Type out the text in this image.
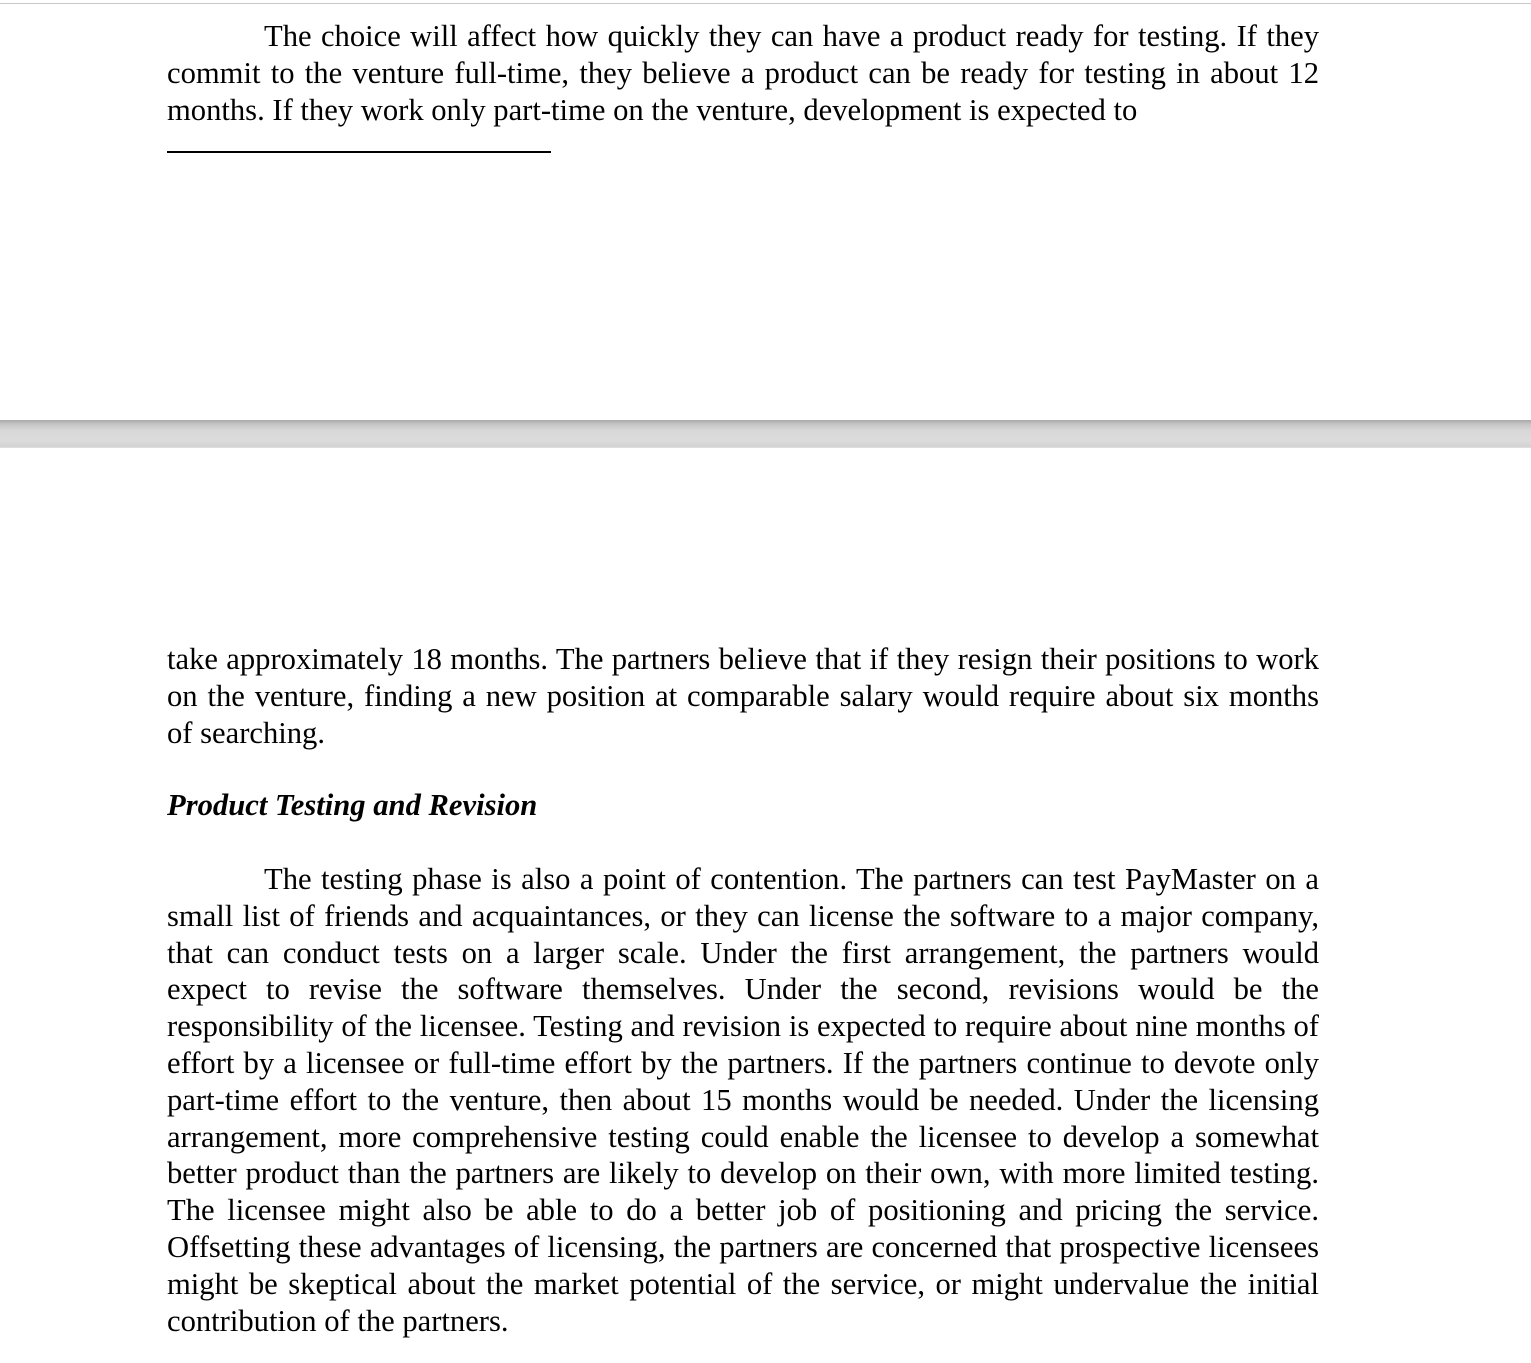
The choice will affect how quickly they can have a product ready for testing. If they commit to the venture full-time, they believe a product can be ready for testing in about 12 months. If they work only part-time on the venture, development is expected to

take approximately 18 months. The partners believe that if they resign their positions to work on the venture, finding a new position at comparable salary would require about six months of searching.

Product Testing and Revision

The testing phase is also a point of contention. The partners can test PayMaster on a small list of friends and acquaintances, or they can license the software to a major company, that can conduct tests on a larger scale. Under the first arrangement, the partners would expect to revise the software themselves. Under the second, revisions would be the responsibility of the licensee. Testing and revision is expected to require about nine months of effort by a licensee or full-time effort by the partners. If the partners continue to devote only part-time effort to the venture, then about 15 months would be needed. Under the licensing arrangement, more comprehensive testing could enable the licensee to develop a somewhat better product than the partners are likely to develop on their own, with more limited testing. The licensee might also be able to do a better job of positioning and pricing the service. Offsetting these advantages of licensing, the partners are concerned that prospective licensees might be skeptical about the market potential of the service, or might undervalue the initial contribution of the partners.
